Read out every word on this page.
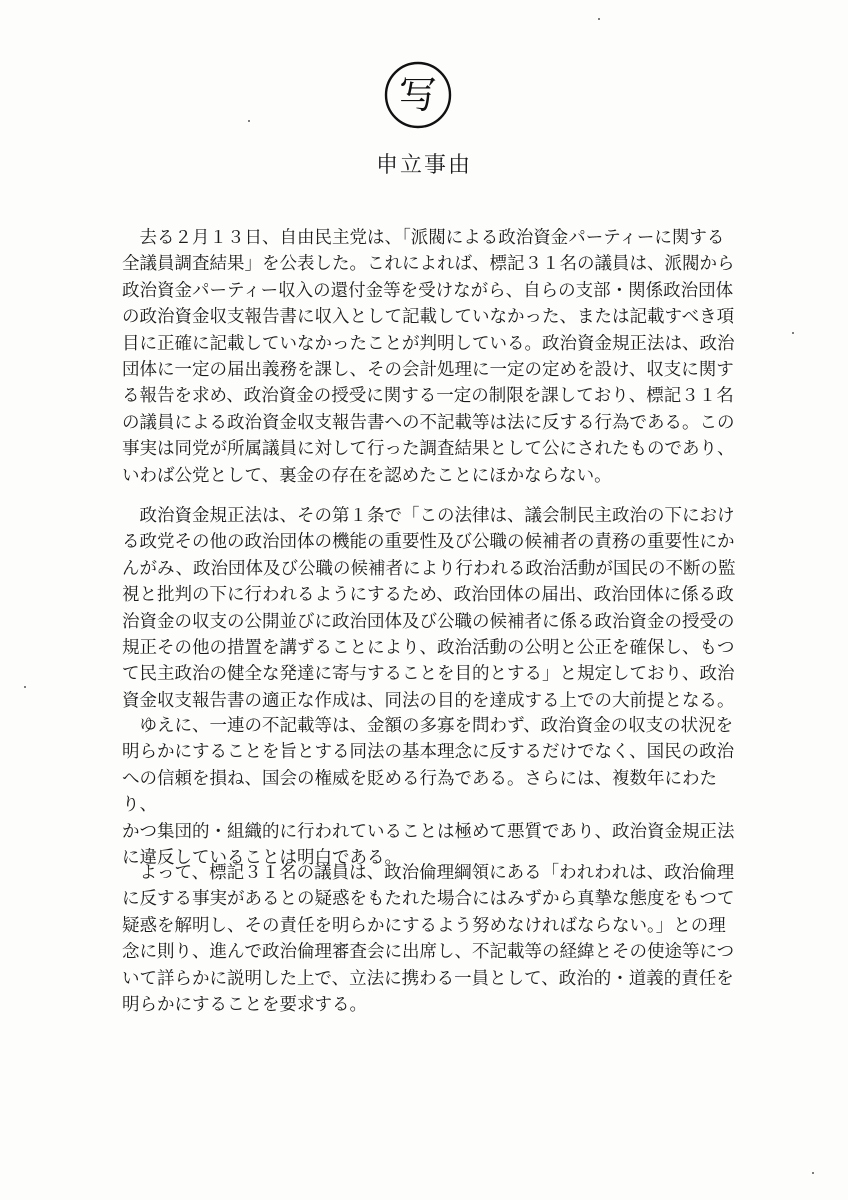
写
申立事由

　去る２月１３日、自由民主党は、「派閥による政治資金パーティーに関する
全議員調査結果」を公表した。これによれば、標記３１名の議員は、派閥から
政治資金パーティー収入の還付金等を受けながら、自らの支部・関係政治団体
の政治資金収支報告書に収入として記載していなかった、または記載すべき項
目に正確に記載していなかったことが判明している。政治資金規正法は、政治
団体に一定の届出義務を課し、その会計処理に一定の定めを設け、収支に関す
る報告を求め、政治資金の授受に関する一定の制限を課しており、標記３１名
の議員による政治資金収支報告書への不記載等は法に反する行為である。この
事実は同党が所属議員に対して行った調査結果として公にされたものであり、
いわば公党として、裏金の存在を認めたことにほかならない。

　政治資金規正法は、その第１条で「この法律は、議会制民主政治の下におけ
る政党その他の政治団体の機能の重要性及び公職の候補者の責務の重要性にか
んがみ、政治団体及び公職の候補者により行われる政治活動が国民の不断の監
視と批判の下に行われるようにするため、政治団体の届出、政治団体に係る政
治資金の収支の公開並びに政治団体及び公職の候補者に係る政治資金の授受の
規正その他の措置を講ずることにより、政治活動の公明と公正を確保し、もつ
て民主政治の健全な発達に寄与することを目的とする」と規定しており、政治
資金収支報告書の適正な作成は、同法の目的を達成する上での大前提となる。

　ゆえに、一連の不記載等は、金額の多寡を問わず、政治資金の収支の状況を
明らかにすることを旨とする同法の基本理念に反するだけでなく、国民の政治
への信頼を損ね、国会の権威を貶める行為である。さらには、複数年にわたり、
かつ集団的・組織的に行われていることは極めて悪質であり、政治資金規正法
に違反していることは明白である。

　よって、標記３１名の議員は、政治倫理綱領にある「われわれは、政治倫理
に反する事実があるとの疑惑をもたれた場合にはみずから真摯な態度をもつて
疑惑を解明し、その責任を明らかにするよう努めなければならない。」との理
念に則り、進んで政治倫理審査会に出席し、不記載等の経緯とその使途等につ
いて詳らかに説明した上で、立法に携わる一員として、政治的・道義的責任を
明らかにすることを要求する。
